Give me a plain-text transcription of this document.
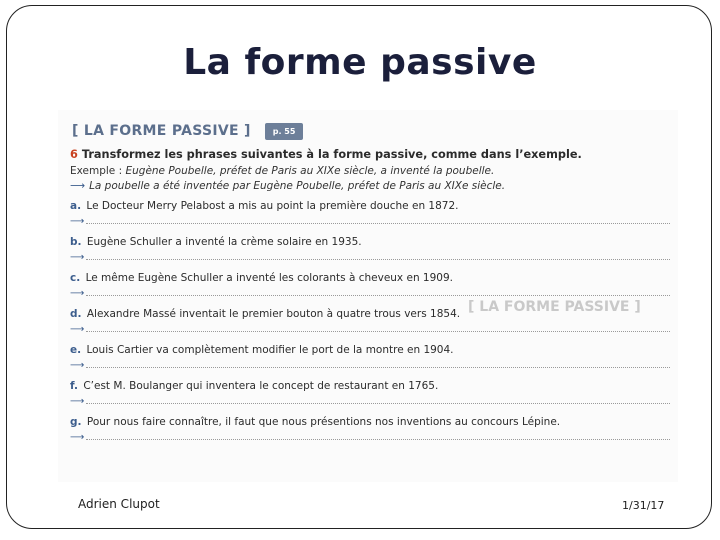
La forme passive
[ LA FORME PASSIVE ]
[ LA FORME PASSIVE ]	p. 55
6 Transformez les phrases suivantes à la forme passive, comme dans l’exemple.
Exemple : Eugène Poubelle, préfet de Paris au XIXe siècle, a inventé la poubelle.
⟶ La poubelle a été inventée par Eugène Poubelle, préfet de Paris au XIXe siècle.
a. Le Docteur Merry Pelabost a mis au point la première douche en 1872.
⟶
b. Eugène Schuller a inventé la crème solaire en 1935.
⟶
c. Le même Eugène Schuller a inventé les colorants à cheveux en 1909.
⟶
d. Alexandre Massé inventait le premier bouton à quatre trous vers 1854.
⟶
e. Louis Cartier va complètement modifier le port de la montre en 1904.
⟶
f. C’est M. Boulanger qui inventera le concept de restaurant en 1765.
⟶
g. Pour nous faire connaître, il faut que nous présentions nos inventions au concours Lépine.
⟶
Adrien Clupot	1/31/17
